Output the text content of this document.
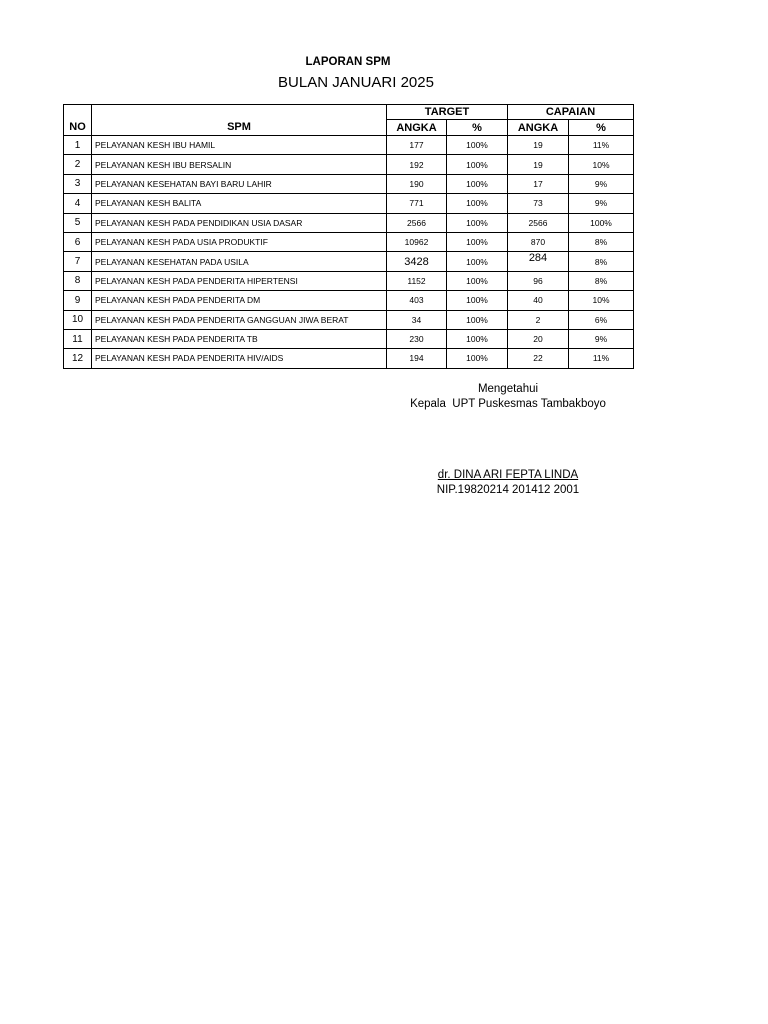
LAPORAN SPM
BULAN JANUARI 2025
NO	SPM	TARGET		CAPAIAN	
		ANGKA	%	ANGKA	%
1	PELAYANAN KESH IBU HAMIL	177	100%	19	11%
2	PELAYANAN KESH IBU BERSALIN	192	100%	19	10%
3	PELAYANAN KESEHATAN BAYI BARU LAHIR	190	100%	17	9%
4	PELAYANAN KESH BALITA	771	100%	73	9%
5	PELAYANAN KESH PADA PENDIDIKAN USIA DASAR	2566	100%	2566	100%
6	PELAYANAN KESH PADA USIA PRODUKTIF	10962	100%	870	8%
7	PELAYANAN KESEHATAN PADA USILA	3428	100%	284	8%
8	PELAYANAN KESH PADA PENDERITA HIPERTENSI	1152	100%	96	8%
9	PELAYANAN KESH PADA PENDERITA DM	403	100%	40	10%
10	PELAYANAN KESH PADA PENDERITA GANGGUAN JIWA BERAT	34	100%	2	6%
11	PELAYANAN KESH PADA PENDERITA TB	230	100%	20	9%
12	PELAYANAN KESH PADA PENDERITA HIV/AIDS	194	100%	22	11%
Mengetahui
Kepala  UPT Puskesmas Tambakboyo
dr. DINA ARI FEPTA LINDA
NIP.19820214 201412 2001
